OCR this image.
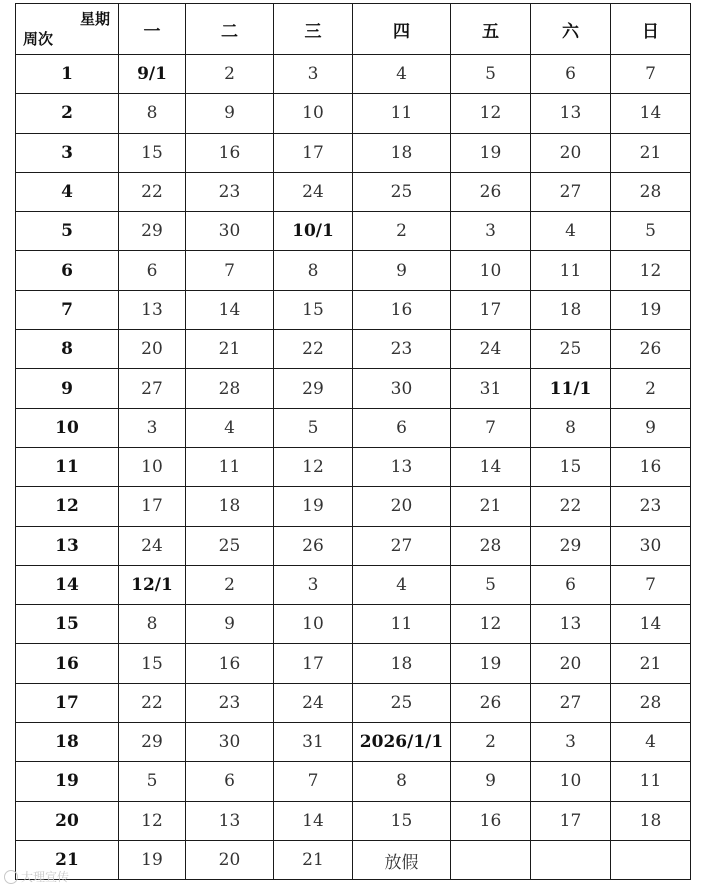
星期
周次	一	二	三	四	五	六	日
1	9/1	2	3	4	5	6	7
2	8	9	10	11	12	13	14
3	15	16	17	18	19	20	21
4	22	23	24	25	26	27	28
5	29	30	10/1	2	3	4	5
6	6	7	8	9	10	11	12
7	13	14	15	16	17	18	19
8	20	21	22	23	24	25	26
9	27	28	29	30	31	11/1	2
10	3	4	5	6	7	8	9
11	10	11	12	13	14	15	16
12	17	18	19	20	21	22	23
13	24	25	26	27	28	29	30
14	12/1	2	3	4	5	6	7
15	8	9	10	11	12	13	14
16	15	16	17	18	19	20	21
17	22	23	24	25	26	27	28
18	29	30	31	2026/1/1	2	3	4
19	5	6	7	8	9	10	11
20	12	13	14	15	16	17	18
21	19	20	21	放假			
大理宣传
